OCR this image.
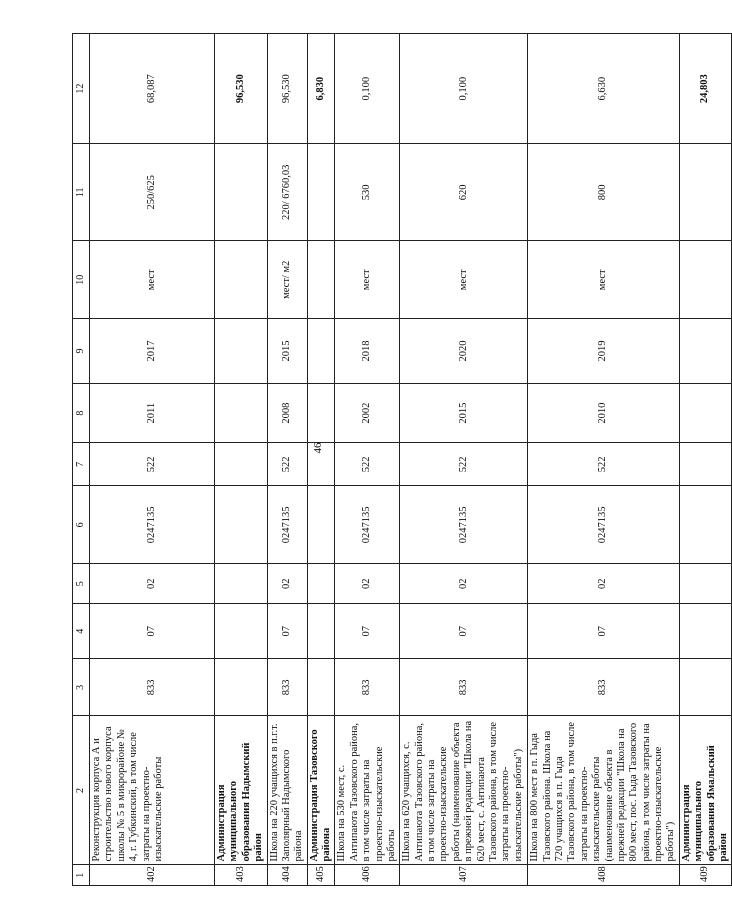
46
1	2	3	4	5	6	7	8	9	10	11	12
402	Реконструкция корпуса А и строительство нового корпуса школы № 5 в микрорайоне № 4, г. Губкинский, в том числе затраты на проектно-изыскательские работы	833	07	02	0247135	522	2011	2017	мест	250/625	68,087
403	Администрация муниципального образования Надымский район										96,530
404	Школа на 220 учащихся в п.г.т. Заполярный Надымского района	833	07	02	0247135	522	2008	2015	мест/ м2	220/ 6760,03	96,530
405	Администрация Тазовского района										6,830
406	Школа на 530 мест, с. Антипаюта Тазовского района, в том числе затраты на проектно-изыскательские работы	833	07	02	0247135	522	2002	2018	мест	530	0,100
407	Школа на 620 учащихся, с. Антипаюта Тазовского района, в том числе затраты на проектно-изыскательские работы (наименование объекта в прежней редакции "Школа на 620 мест, с. Антипаюта Тазовского района, в том числе затраты на проектно-изыскательские работы")	833	07	02	0247135	522	2015	2020	мест	620	0,100
408	Школа на 800 мест в п. Гыда Тазовского района. Школа на 720 учащихся в п. Гыда Тазовского района, в том числе затраты на проектно-изыскательские работы (наименование объекта в прежней редакции "Школа на 800 мест, пос. Гыда Тазовского района, в том числе затраты на проектно-изыскательские работы")	833	07	02	0247135	522	2010	2019	мест	800	6,630
409	Администрация муниципального образования Ямальский район										24,803
